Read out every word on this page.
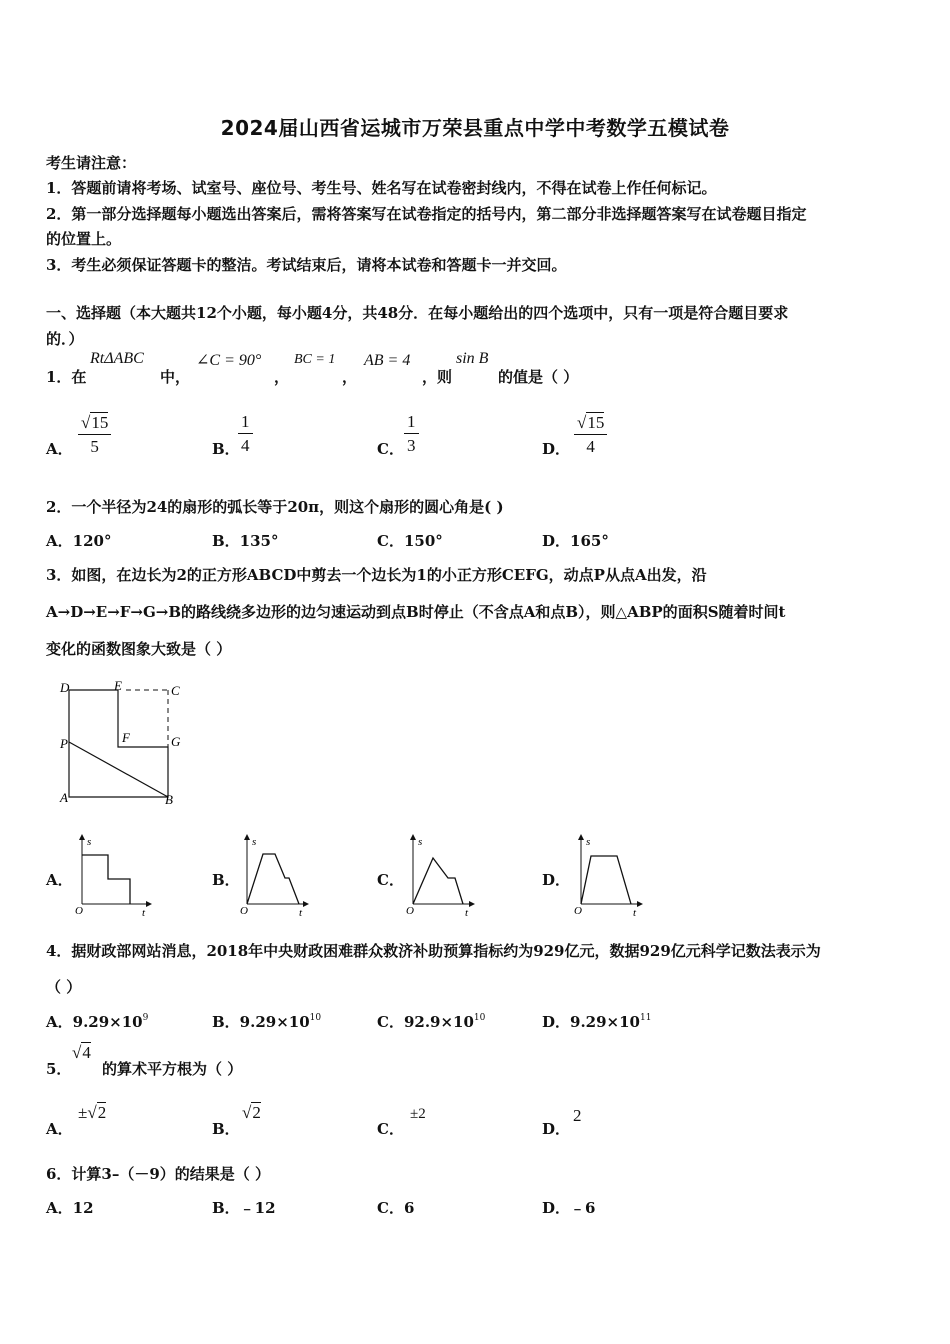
2024届山西省运城市万荣县重点中学中考数学五模试卷
考生请注意：
1．答题前请将考场、试室号、座位号、考生号、姓名写在试卷密封线内，不得在试卷上作任何标记。
2．第一部分选择题每小题选出答案后，需将答案写在试卷指定的括号内，第二部分非选择题答案写在试卷题目指定
的位置上。
3．考生必须保证答题卡的整洁。考试结束后，请将本试卷和答题卡一并交回。
一、选择题（本大题共12个小题，每小题4分，共48分．在每小题给出的四个选项中，只有一项是符合题目要求
的．）
1．在
RtΔABC
中，
∠C = 90°
，
BC = 1
，
AB = 4
，则
sin B
的值是（ ）
A． $\frac{√15}{5}$	B．
$\frac{1}{4}$	C． $\frac{1}{3}$	D． $\frac{√15}{4}$
2．一个半径为24的扇形的弧长等于20π，则这个扇形的圆心角是( )
A．120°	B．135°	C．150°	D．165°
3．如图，在边长为2的正方形ABCD中剪去一个边长为1的小正方形CEFG，动点P从点A出发，沿
A→D→E→F→G→B的路线绕多边形的边匀速运动到点B时停止（不含点A和点B），则△ABP的面积S随着时间t
变化的函数图象大致是（ ）
D	E	C
P	F	G
A	B
A．	B．	C．	D．
s
O	t
s
O	t
s
O	t
s
O	t
4．据财政部网站消息，2018年中央财政困难群众救济补助预算指标约为929亿元，数据929亿元科学记数法表示为
（ ）
A．$9.29\times 10^9$	B．$9.29\times 10^{10}$	C．$92.9\times 10^{10}$	D．$9.29\times 10^{11}$
5．
√4
的算术平方根为（ ）
A．
±√2
B．
√2
C．
±2
D．
2
6．计算3–（－9）的结果是（ ）
A．12	B．﹣12	C．6	D．﹣6
